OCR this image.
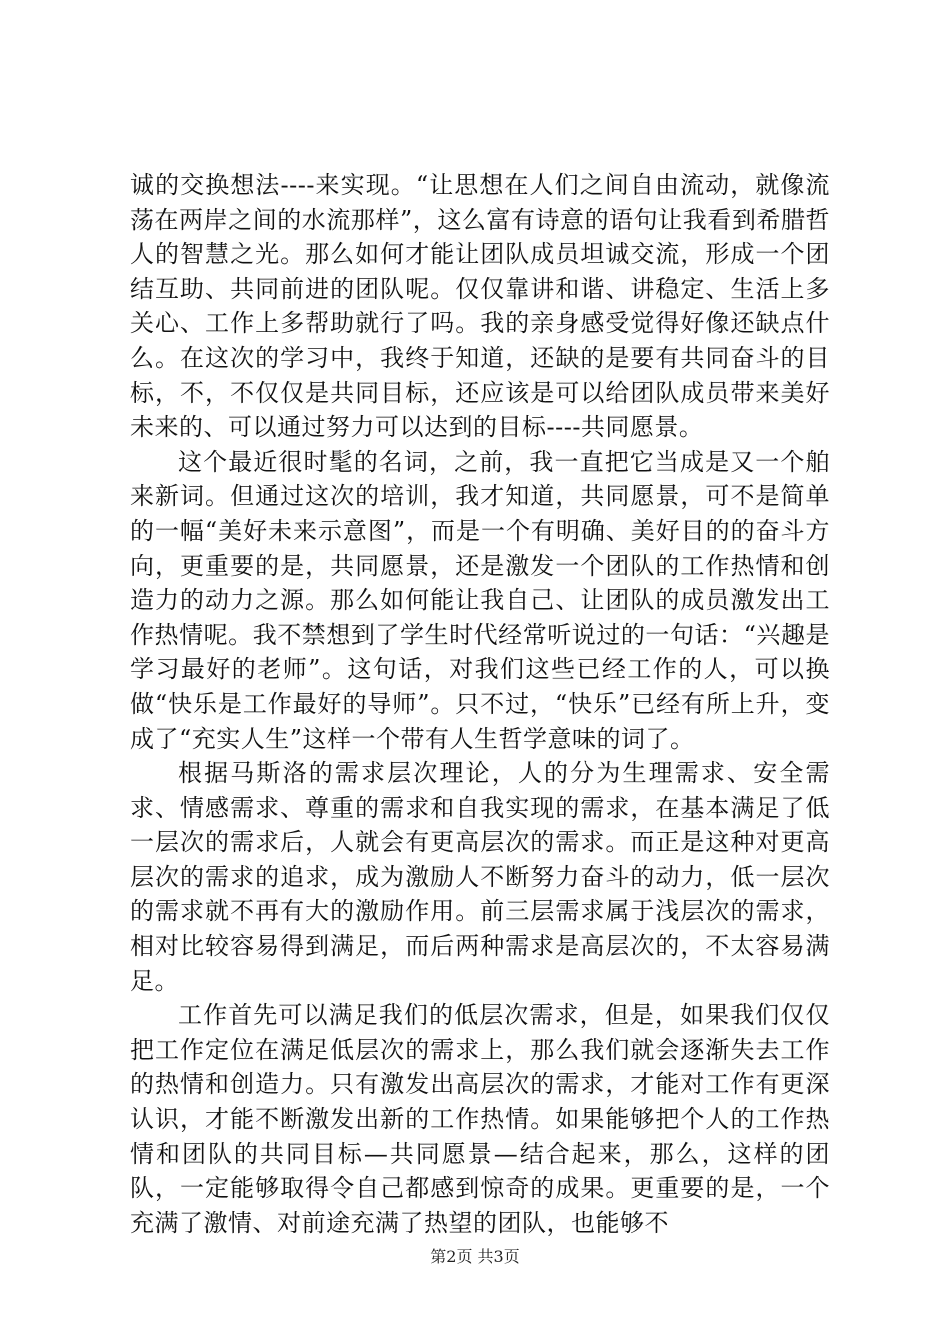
诚的交换想法----来实现。“让思想在人们之间自由流动，就像流荡在两岸之间的水流那样”，这么富有诗意的语句让我看到希腊哲人的智慧之光。那么如何才能让团队成员坦诚交流，形成一个团结互助、共同前进的团队呢。仅仅靠讲和谐、讲稳定、生活上多关心、工作上多帮助就行了吗。我的亲身感受觉得好像还缺点什么。在这次的学习中，我终于知道，还缺的是要有共同奋斗的目标，不，不仅仅是共同目标，还应该是可以给团队成员带来美好未来的、可以通过努力可以达到的目标----共同愿景。

这个最近很时髦的名词，之前，我一直把它当成是又一个舶来新词。但通过这次的培训，我才知道，共同愿景，可不是简单的一幅“美好未来示意图”，而是一个有明确、美好目的的奋斗方向，更重要的是，共同愿景，还是激发一个团队的工作热情和创造力的动力之源。那么如何能让我自己、让团队的成员激发出工作热情呢。我不禁想到了学生时代经常听说过的一句话：“兴趣是学习最好的老师”。这句话，对我们这些已经工作的人，可以换做“快乐是工作最好的导师”。只不过，“快乐”已经有所上升，变成了“充实人生”这样一个带有人生哲学意味的词了。

根据马斯洛的需求层次理论，人的分为生理需求、安全需求、情感需求、尊重的需求和自我实现的需求，在基本满足了低一层次的需求后，人就会有更高层次的需求。而正是这种对更高层次的需求的追求，成为激励人不断努力奋斗的动力，低一层次的需求就不再有大的激励作用。前三层需求属于浅层次的需求，相对比较容易得到满足，而后两种需求是高层次的，不太容易满足。

工作首先可以满足我们的低层次需求，但是，如果我们仅仅把工作定位在满足低层次的需求上，那么我们就会逐渐失去工作的热情和创造力。只有激发出高层次的需求，才能对工作有更深认识，才能不断激发出新的工作热情。如果能够把个人的工作热情和团队的共同目标—共同愿景—结合起来，那么，这样的团队，一定能够取得令自己都感到惊奇的成果。更重要的是，一个充满了激情、对前途充满了热望的团队，也能够不

第2页 共3页
